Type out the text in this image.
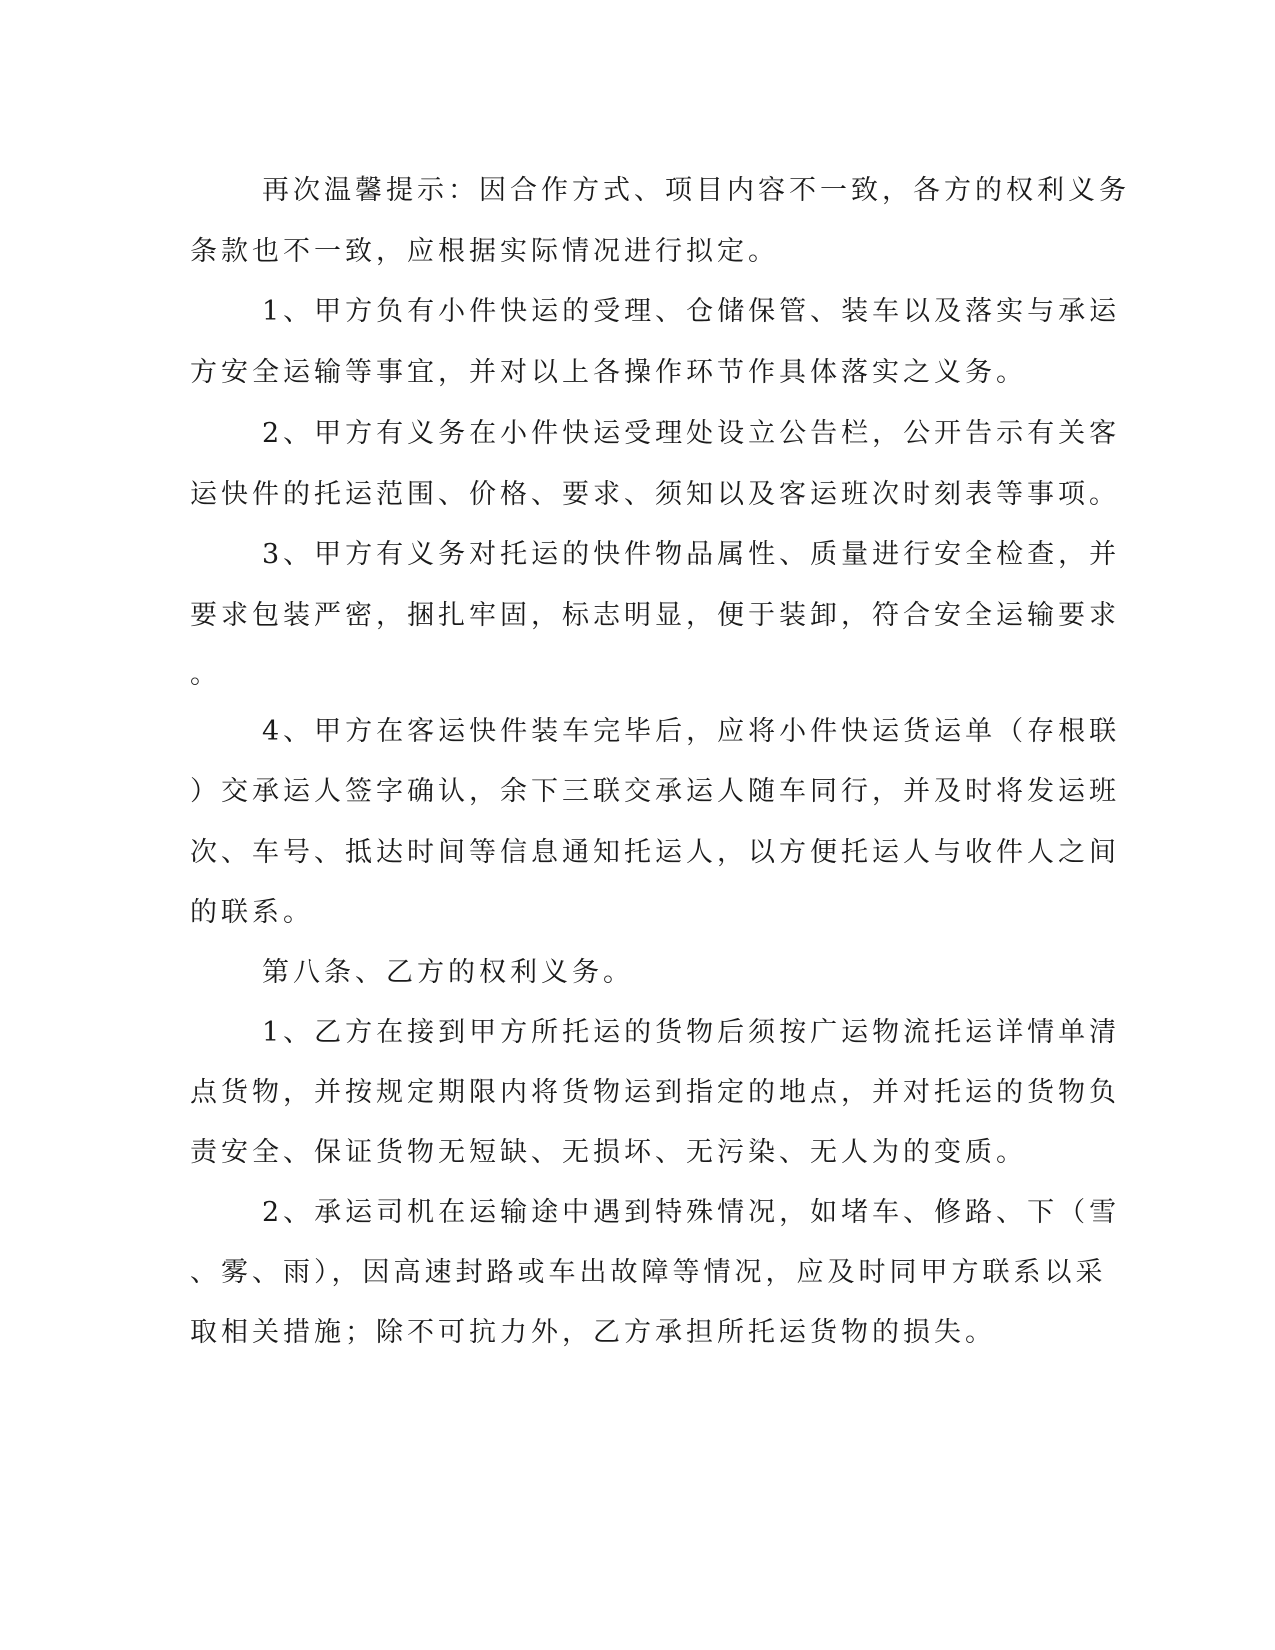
再次温馨提示：因合作方式、项目内容不一致，各方的权利义务
条款也不一致，应根据实际情况进行拟定。
1、甲方负有小件快运的受理、仓储保管、装车以及落实与承运
方安全运输等事宜，并对以上各操作环节作具体落实之义务。
2、甲方有义务在小件快运受理处设立公告栏，公开告示有关客
运快件的托运范围、价格、要求、须知以及客运班次时刻表等事项。
3、甲方有义务对托运的快件物品属性、质量进行安全检查，并
要求包装严密，捆扎牢固，标志明显，便于装卸，符合安全运输要求
。
4、甲方在客运快件装车完毕后，应将小件快运货运单（存根联
）交承运人签字确认，余下三联交承运人随车同行，并及时将发运班
次、车号、抵达时间等信息通知托运人，以方便托运人与收件人之间
的联系。
第八条、乙方的权利义务。
1、乙方在接到甲方所托运的货物后须按广运物流托运详情单清
点货物，并按规定期限内将货物运到指定的地点，并对托运的货物负
责安全、保证货物无短缺、无损坏、无污染、无人为的变质。
2、承运司机在运输途中遇到特殊情况，如堵车、修路、下（雪
、雾、雨），因高速封路或车出故障等情况，应及时同甲方联系以采
取相关措施；除不可抗力外，乙方承担所托运货物的损失。
